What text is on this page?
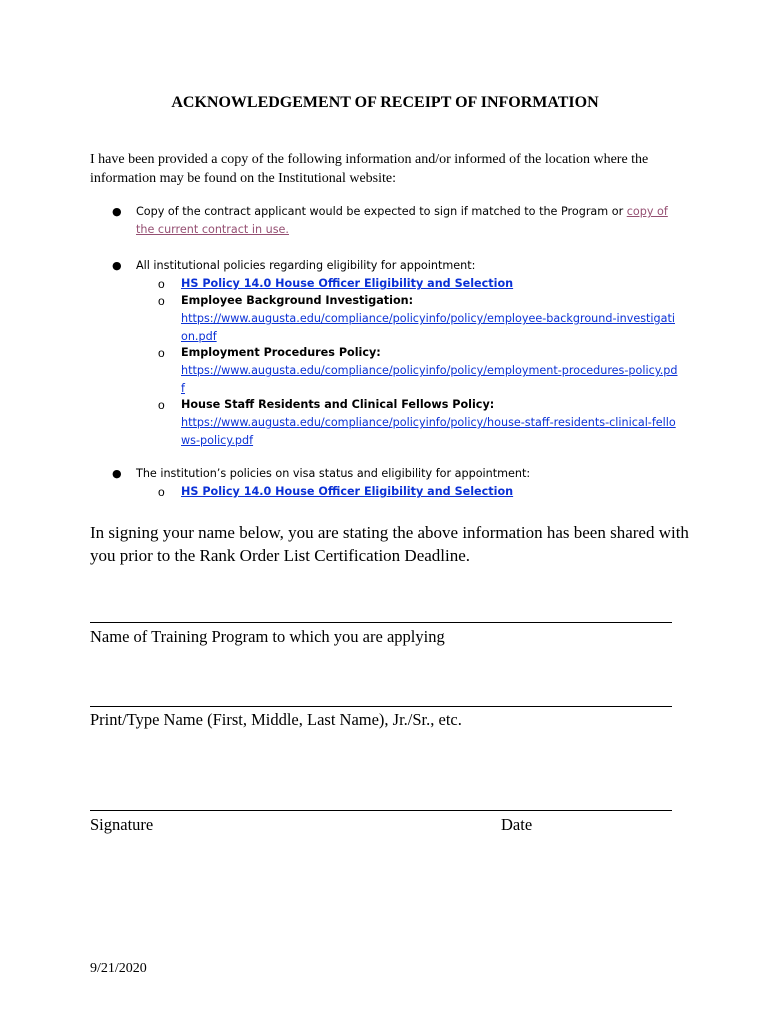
ACKNOWLEDGEMENT OF RECEIPT OF INFORMATION

I have been provided a copy of the following information and/or informed of the location where the information may be found on the Institutional website:

● Copy of the contract applicant would be expected to sign if matched to the Program or copy of the current contract in use.
● All institutional policies regarding eligibility for appointment:
o HS Policy 14.0 House Officer Eligibility and Selection
o Employee Background Investigation:
https://www.augusta.edu/compliance/policyinfo/policy/employee-background-investigation.pdf
o Employment Procedures Policy:
https://www.augusta.edu/compliance/policyinfo/policy/employment-procedures-policy.pdf
o House Staff Residents and Clinical Fellows Policy:
https://www.augusta.edu/compliance/policyinfo/policy/house-staff-residents-clinical-fellows-policy.pdf
● The institution’s policies on visa status and eligibility for appointment:
o HS Policy 14.0 House Officer Eligibility and Selection
In signing your name below, you are stating the above information has been shared with you prior to the Rank Order List Certification Deadline.
Name of Training Program to which you are applying
Print/Type Name (First, Middle, Last Name), Jr./Sr., etc.
Signature	Date
9/21/2020
